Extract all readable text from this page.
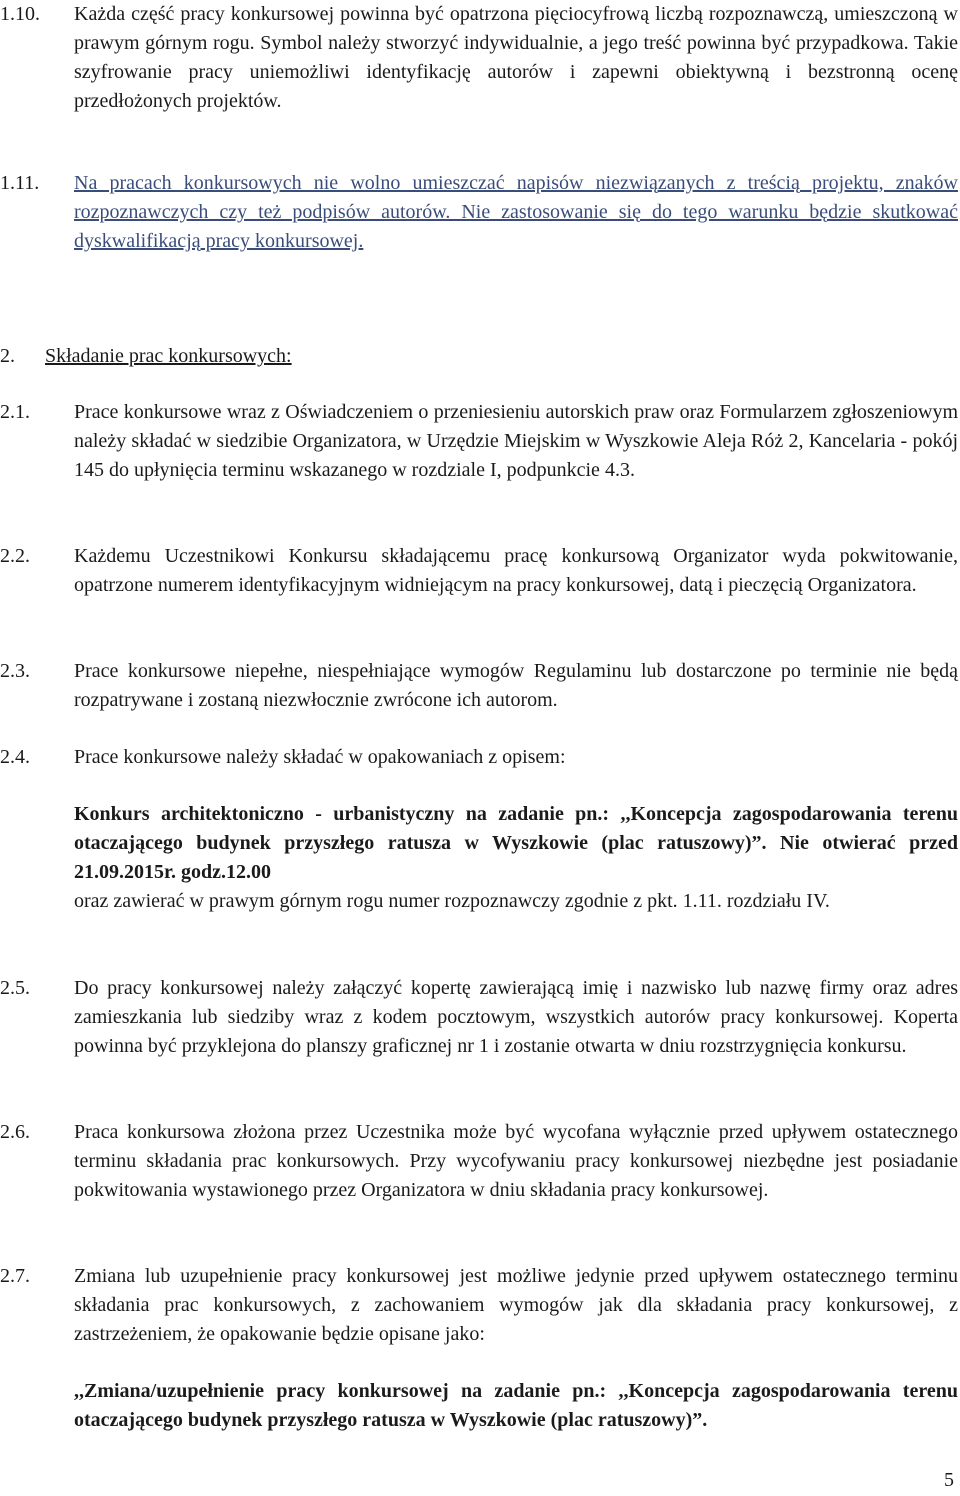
1.10. Każda część pracy konkursowej powinna być opatrzona pięciocyfrową liczbą rozpoznawczą, umieszczoną w prawym górnym rogu. Symbol należy stworzyć indywidualnie, a jego treść powinna być przypadkowa. Takie szyfrowanie pracy uniemożliwi identyfikację autorów i zapewni obiektywną i bezstronną ocenę przedłożonych projektów.
1.11. Na pracach konkursowych nie wolno umieszczać napisów niezwiązanych z treścią projektu, znaków rozpoznawczych czy też podpisów autorów. Nie zastosowanie się do tego warunku będzie skutkować dyskwalifikacją pracy konkursowej.
2. Składanie prac konkursowych:
2.1. Prace konkursowe wraz z Oświadczeniem o przeniesieniu autorskich praw oraz Formularzem zgłoszeniowym należy składać w siedzibie Organizatora, w Urzędzie Miejskim w Wyszkowie Aleja Róż 2, Kancelaria - pokój 145 do upłynięcia terminu wskazanego w rozdziale I, podpunkcie 4.3.
2.2. Każdemu Uczestnikowi Konkursu składającemu pracę konkursową Organizator wyda pokwitowanie, opatrzone numerem identyfikacyjnym widniejącym na pracy konkursowej, datą i pieczęcią Organizatora.
2.3. Prace konkursowe niepełne, niespełniające wymogów Regulaminu lub dostarczone po terminie nie będą rozpatrywane i zostaną niezwłocznie zwrócone ich autorom.
2.4. Prace konkursowe należy składać w opakowaniach z opisem:
Konkurs architektoniczno - urbanistyczny na zadanie pn.: ,,Koncepcja zagospodarowania terenu otaczającego budynek przyszłego ratusza w Wyszkowie (plac ratuszowy)”. Nie otwierać przed 21.09.2015r. godz.12.00
oraz zawierać w prawym górnym rogu numer rozpoznawczy zgodnie z pkt. 1.11. rozdziału IV.
2.5. Do pracy konkursowej należy załączyć kopertę zawierającą imię i nazwisko lub nazwę firmy oraz adres zamieszkania lub siedziby wraz z kodem pocztowym, wszystkich autorów pracy konkursowej. Koperta powinna być przyklejona do planszy graficznej nr 1 i zostanie otwarta w dniu rozstrzygnięcia konkursu.
2.6. Praca konkursowa złożona przez Uczestnika może być wycofana wyłącznie przed upływem ostatecznego terminu składania prac konkursowych. Przy wycofywaniu pracy konkursowej niezbędne jest posiadanie pokwitowania wystawionego przez Organizatora w dniu składania pracy konkursowej.
2.7. Zmiana lub uzupełnienie pracy konkursowej jest możliwe jedynie przed upływem ostatecznego terminu składania prac konkursowych, z zachowaniem wymogów jak dla składania pracy konkursowej, z zastrzeżeniem, że opakowanie będzie opisane jako:
,,Zmiana/uzupełnienie pracy konkursowej na zadanie pn.: ,,Koncepcja zagospodarowania terenu otaczającego budynek przyszłego ratusza w Wyszkowie (plac ratuszowy)”.
5
